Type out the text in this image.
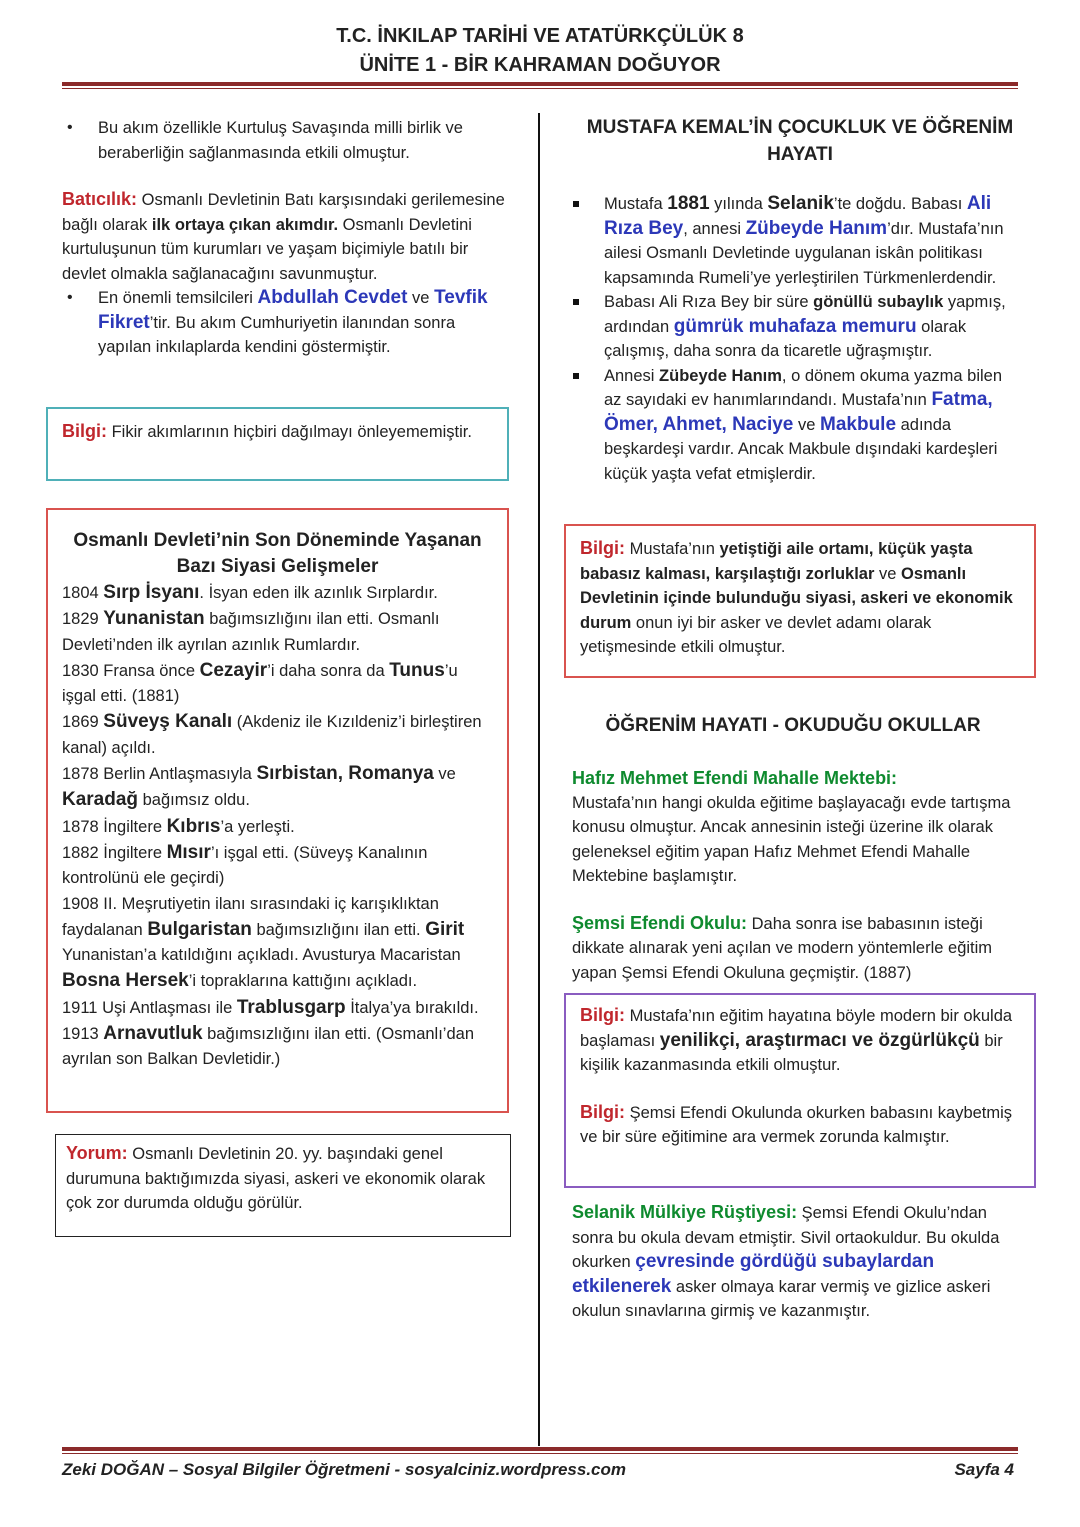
T.C. İNKILAP TARİHİ VE ATATÜRKÇÜLÜK 8
ÜNİTE 1 - BİR KAHRAMAN DOĞUYOR
• Bu akım özellikle Kurtuluş Savaşında milli birlik ve beraberliğin sağlanmasında etkili olmuştur.

Batıcılık: Osmanlı Devletinin Batı karşısındaki gerilemesine bağlı olarak ilk ortaya çıkan akımdır. Osmanlı Devletini kurtuluşunun tüm kurumları ve yaşam biçimiyle batılı bir devlet olmakla sağlanacağını savunmuştur.

• En önemli temsilcileri Abdullah Cevdet ve Tevfik Fikret’tir. Bu akım Cumhuriyetin ilanından sonra yapılan inkılaplarda kendini göstermiştir.
Bilgi: Fikir akımlarının hiçbiri dağılmayı önleyememiştir.
Osmanlı Devleti’nin Son Döneminde Yaşanan Bazı Siyasi Gelişmeler
1804 Sırp İsyanı. İsyan eden ilk azınlık Sırplardır.
1829 Yunanistan bağımsızlığını ilan etti. Osmanlı Devleti’nden ilk ayrılan azınlık Rumlardır.
1830 Fransa önce Cezayir’i daha sonra da Tunus’u işgal etti. (1881)
1869 Süveyş Kanalı (Akdeniz ile Kızıldeniz’i birleştiren kanal) açıldı.
1878 Berlin Antlaşmasıyla Sırbistan, Romanya ve Karadağ bağımsız oldu.
1878 İngiltere Kıbrıs’a yerleşti.
1882 İngiltere Mısır’ı işgal etti. (Süveyş Kanalının kontrolünü ele geçirdi)
1908 II. Meşrutiyetin ilanı sırasındaki iç karışıklıktan faydalanan Bulgaristan bağımsızlığını ilan etti. Girit Yunanistan’a katıldığını açıkladı. Avusturya Macaristan Bosna Hersek’i topraklarına kattığını açıkladı.
1911 Uşi Antlaşması ile Trablusgarp İtalya’ya bırakıldı.
1913 Arnavutluk bağımsızlığını ilan etti. (Osmanlı’dan ayrılan son Balkan Devletidir.)
Yorum: Osmanlı Devletinin 20. yy. başındaki genel durumuna baktığımızda siyasi, askeri ve ekonomik olarak çok zor durumda olduğu görülür.
MUSTAFA KEMAL’İN ÇOCUKLUK VE ÖĞRENİM HAYATI
Mustafa 1881 yılında Selanik’te doğdu. Babası Ali Rıza Bey, annesi Zübeyde Hanım’dır. Mustafa’nın ailesi Osmanlı Devletinde uygulanan iskân politikası kapsamında Rumeli’ye yerleştirilen Türkmenlerdendir.
Babası Ali Rıza Bey bir süre gönüllü subaylık yapmış, ardından gümrük muhafaza memuru olarak çalışmış, daha sonra da ticaretle uğraşmıştır.
Annesi Zübeyde Hanım, o dönem okuma yazma bilen az sayıdaki ev hanımlarındandı. Mustafa’nın Fatma, Ömer, Ahmet, Naciye ve Makbule adında beşkardeşi vardır. Ancak Makbule dışındaki kardeşleri küçük yaşta vefat etmişlerdir.
Bilgi: Mustafa’nın yetiştiği aile ortamı, küçük yaşta babasız kalması, karşılaştığı zorluklar ve Osmanlı Devletinin içinde bulunduğu siyasi, askeri ve ekonomik durum onun iyi bir asker ve devlet adamı olarak yetişmesinde etkili olmuştur.
ÖĞRENİM HAYATI - OKUDUĞU OKULLAR
Hafız Mehmet Efendi Mahalle Mektebi:

Mustafa’nın hangi okulda eğitime başlayacağı evde tartışma konusu olmuştur. Ancak annesinin isteği üzerine ilk olarak geleneksel eğitim yapan Hafız Mehmet Efendi Mahalle Mektebine başlamıştır.

Şemsi Efendi Okulu: Daha sonra ise babasının isteği dikkate alınarak yeni açılan ve modern yöntemlerle eğitim yapan Şemsi Efendi Okuluna geçmiştir. (1887)

Bilgi: Mustafa’nın eğitim hayatına böyle modern bir okulda başlaması yenilikçi, araştırmacı ve özgürlükçü bir kişilik kazanmasında etkili olmuştur.
Bilgi: Şemsi Efendi Okulunda okurken babasını kaybetmiş ve bir süre eğitimine ara vermek zorunda kalmıştır.

Selanik Mülkiye Rüştiyesi: Şemsi Efendi Okulu’ndan sonra bu okula devam etmiştir. Sivil ortaokuldur. Bu okulda okurken çevresinde gördüğü subaylardan etkilenerek asker olmaya karar vermiş ve gizlice askeri okulun sınavlarına girmiş ve kazanmıştır.

Zeki DOĞAN – Sosyal Bilgiler Öğretmeni - sosyalciniz.wordpress.com	Sayfa 4
